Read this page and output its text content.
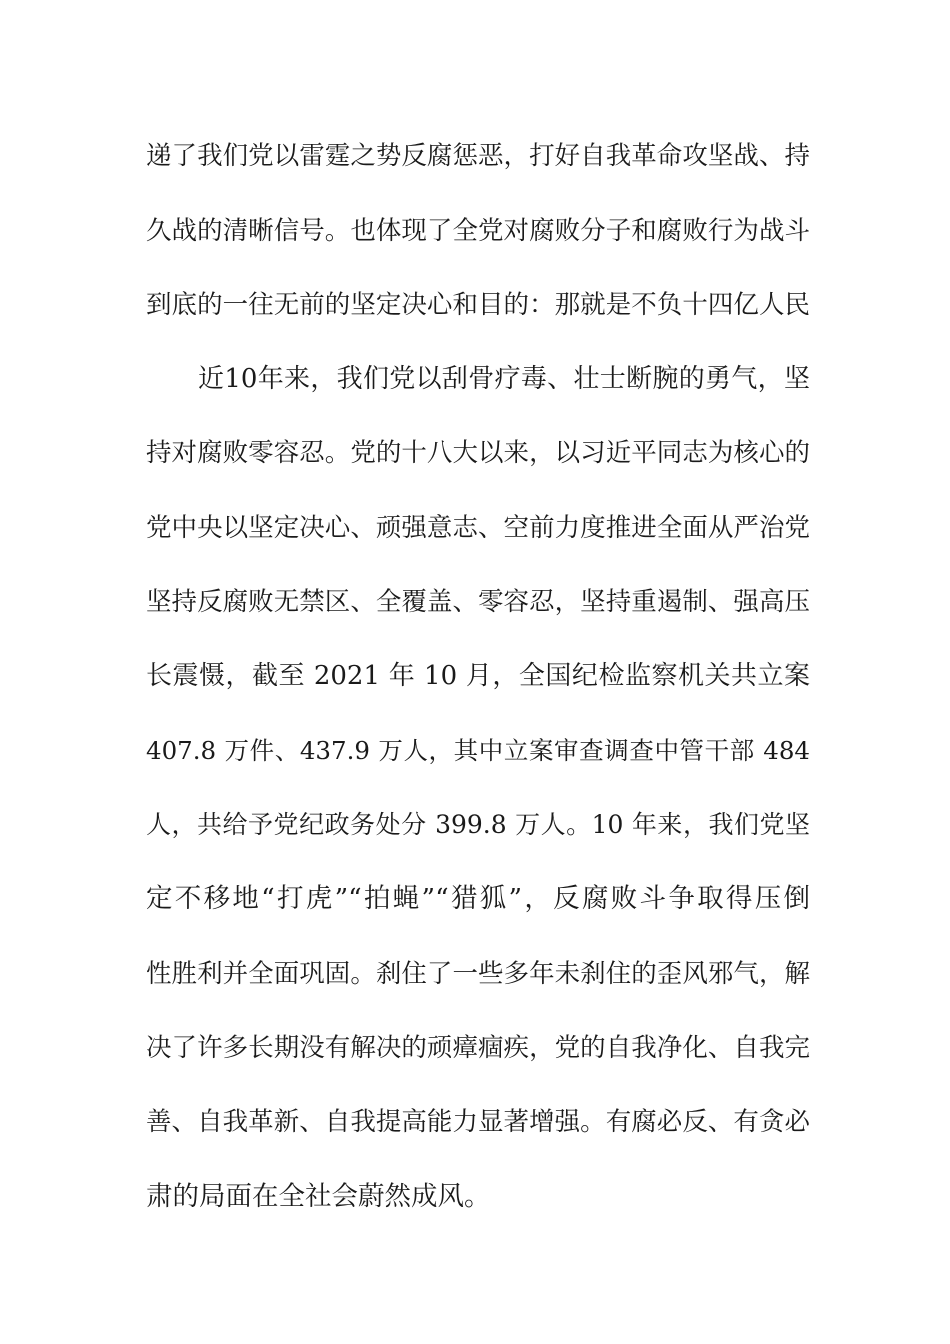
递了我们党以雷霆之势反腐惩恶，打好自我革命攻坚战、持
久战的清晰信号。也体现了全党对腐败分子和腐败行为战斗
到底的一往无前的坚定决心和目的：那就是不负十四亿人民
近10年来，我们党以刮骨疗毒、壮士断腕的勇气，坚
持对腐败零容忍。党的十八大以来，以习近平同志为核心的
党中央以坚定决心、顽强意志、空前力度推进全面从严治党
坚持反腐败无禁区、全覆盖、零容忍，坚持重遏制、强高压
长震慑，截至 2021 年 10 月，全国纪检监察机关共立案
407.8 万件、437.9 万人，其中立案审查调查中管干部 484
人，共给予党纪政务处分 399.8 万人。10 年来，我们党坚
定不移地“打虎”“拍蝇”“猎狐”，反腐败斗争取得压倒
性胜利并全面巩固。刹住了一些多年未刹住的歪风邪气，解
决了许多长期没有解决的顽瘴痼疾，党的自我净化、自我完
善、自我革新、自我提高能力显著增强。有腐必反、有贪必
肃的局面在全社会蔚然成风。
